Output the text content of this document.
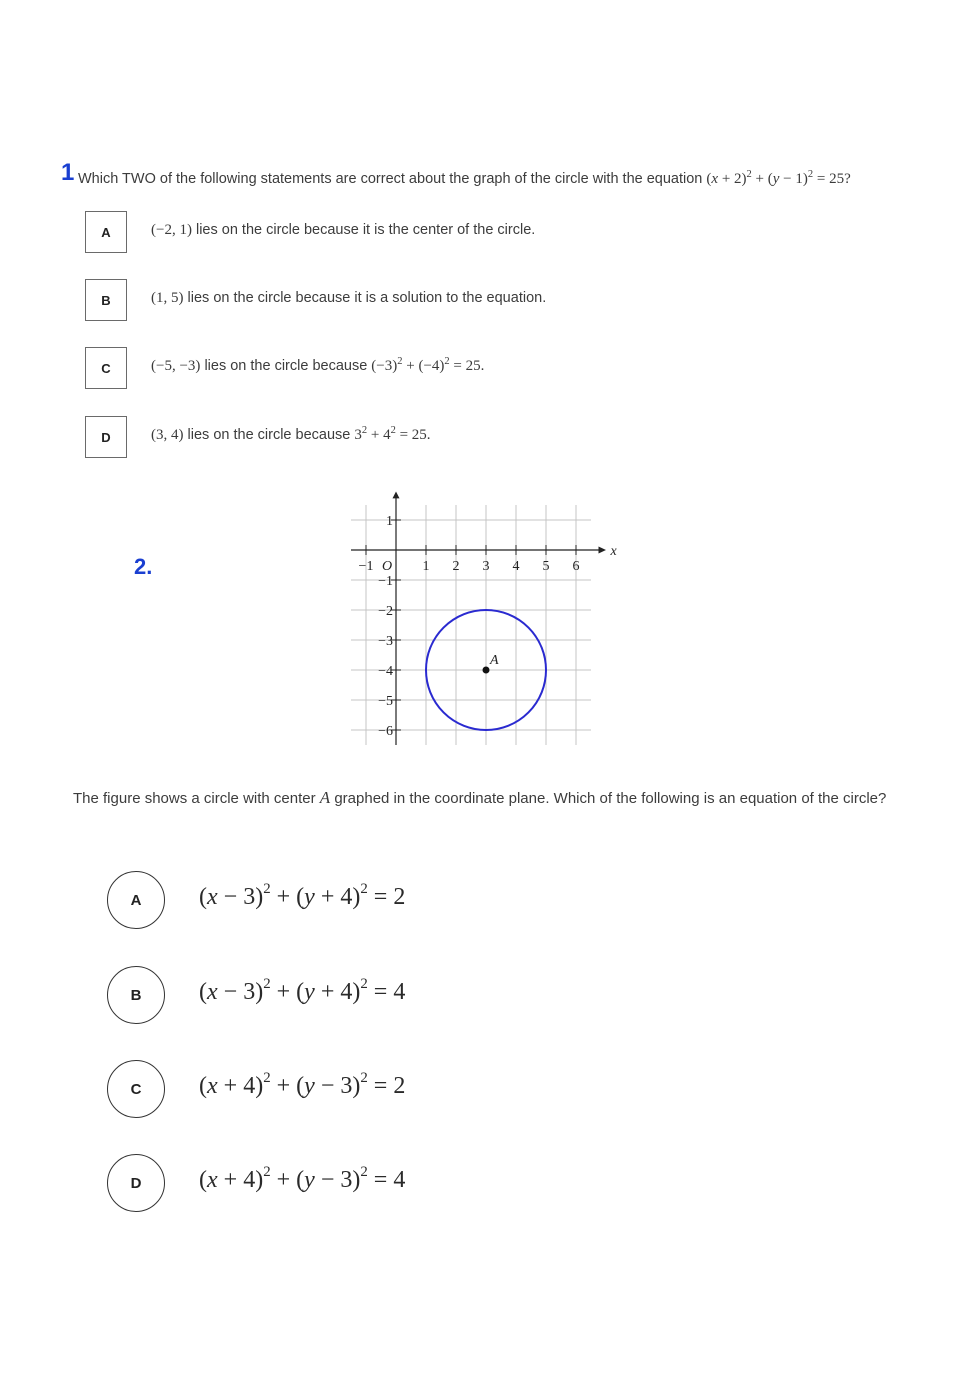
1 Which TWO of the following statements are correct about the graph of the circle with the equation $(x + 2)^2 + (y - 1)^2 = 25$?
A	(−2, 1) lies on the circle because it is the center of the circle.
B	(1, 5) lies on the circle because it is a solution to the equation.
C	(−5, −3) lies on the circle because $(-3)^2 + (-4)^2 = 25$.
D	(3, 4) lies on the circle because $3^2 + 4^2 = 25$.
2.
x
−1	1 2 3 4 5 6
1
−1
−2
−3
−4
−5
−6
O
A
The figure shows a circle with center A graphed in the coordinate plane. Which of the following is an equation of the circle?
A	$(x - 3)^2 + (y + 4)^2 = 2$
B	$(x - 3)^2 + (y + 4)^2 = 4$
C	$(x + 4)^2 + (y - 3)^2 = 2$
D	$(x + 4)^2 + (y - 3)^2 = 4$
